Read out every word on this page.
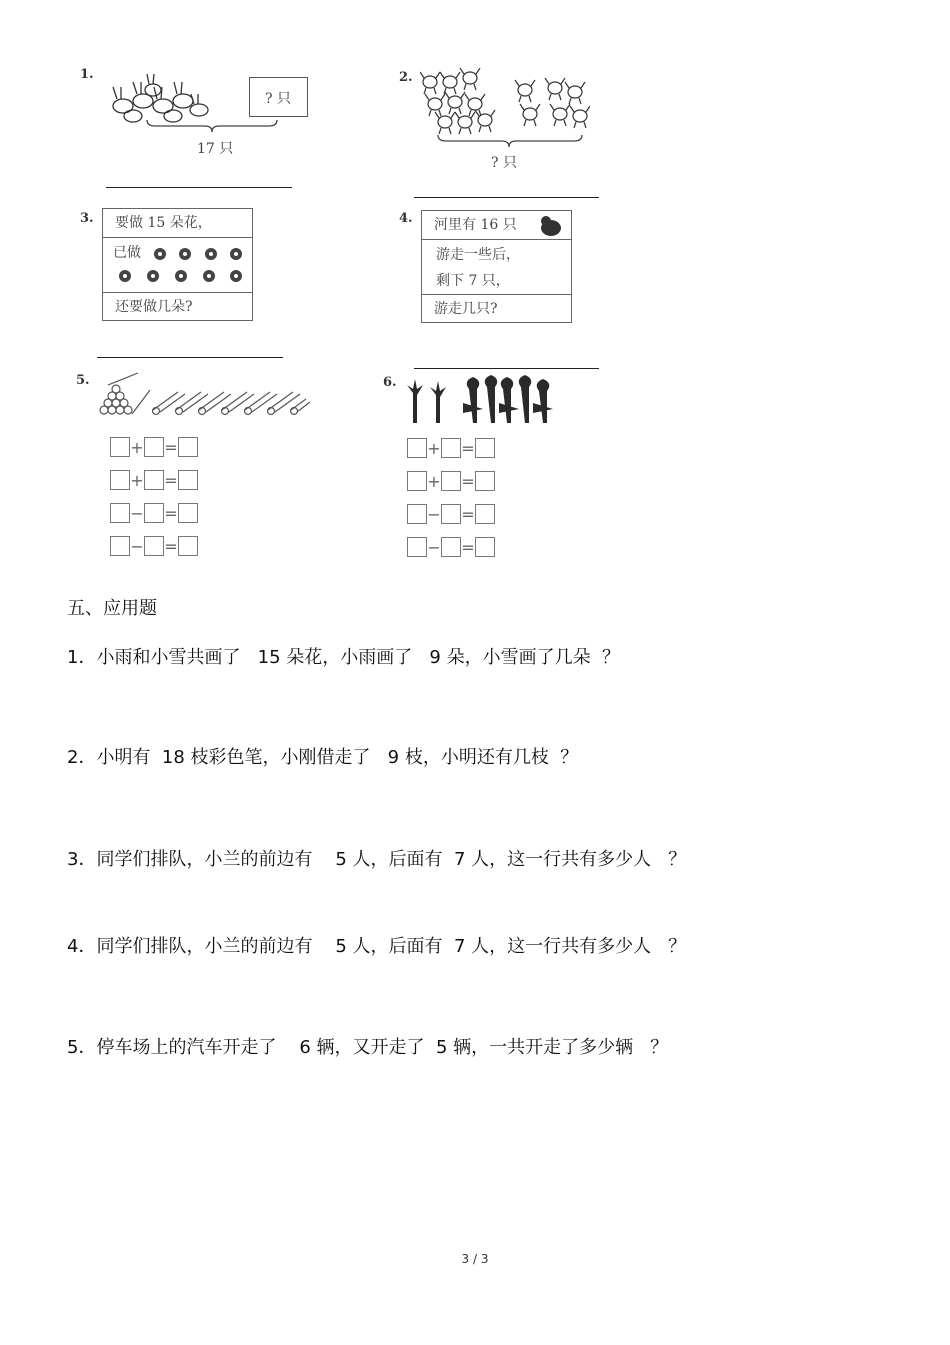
1.
? 只
17 只
2.
? 只
3.	要做 15 朵花，
已做
还要做几朵?
4.	河里有 16 只
游走一些后，
剩下 7 只，
游走几只?
5.
+ =
+ =
− =
− =
6.
+ =
+ =
− =
− =
五、应用题
1．小雨和小雪共画了   15 朵花，小雨画了   9 朵，小雪画了几朵  ？
2．小明有  18 枝彩色笔，小刚借走了   9 枝，小明还有几枝  ？
3．同学们排队，小兰的前边有    5 人，后面有  7 人，这一行共有多少人   ？
4．同学们排队，小兰的前边有    5 人，后面有  7 人，这一行共有多少人   ？
5．停车场上的汽车开走了    6 辆，又开走了  5 辆，一共开走了多少辆   ？
3 / 3
